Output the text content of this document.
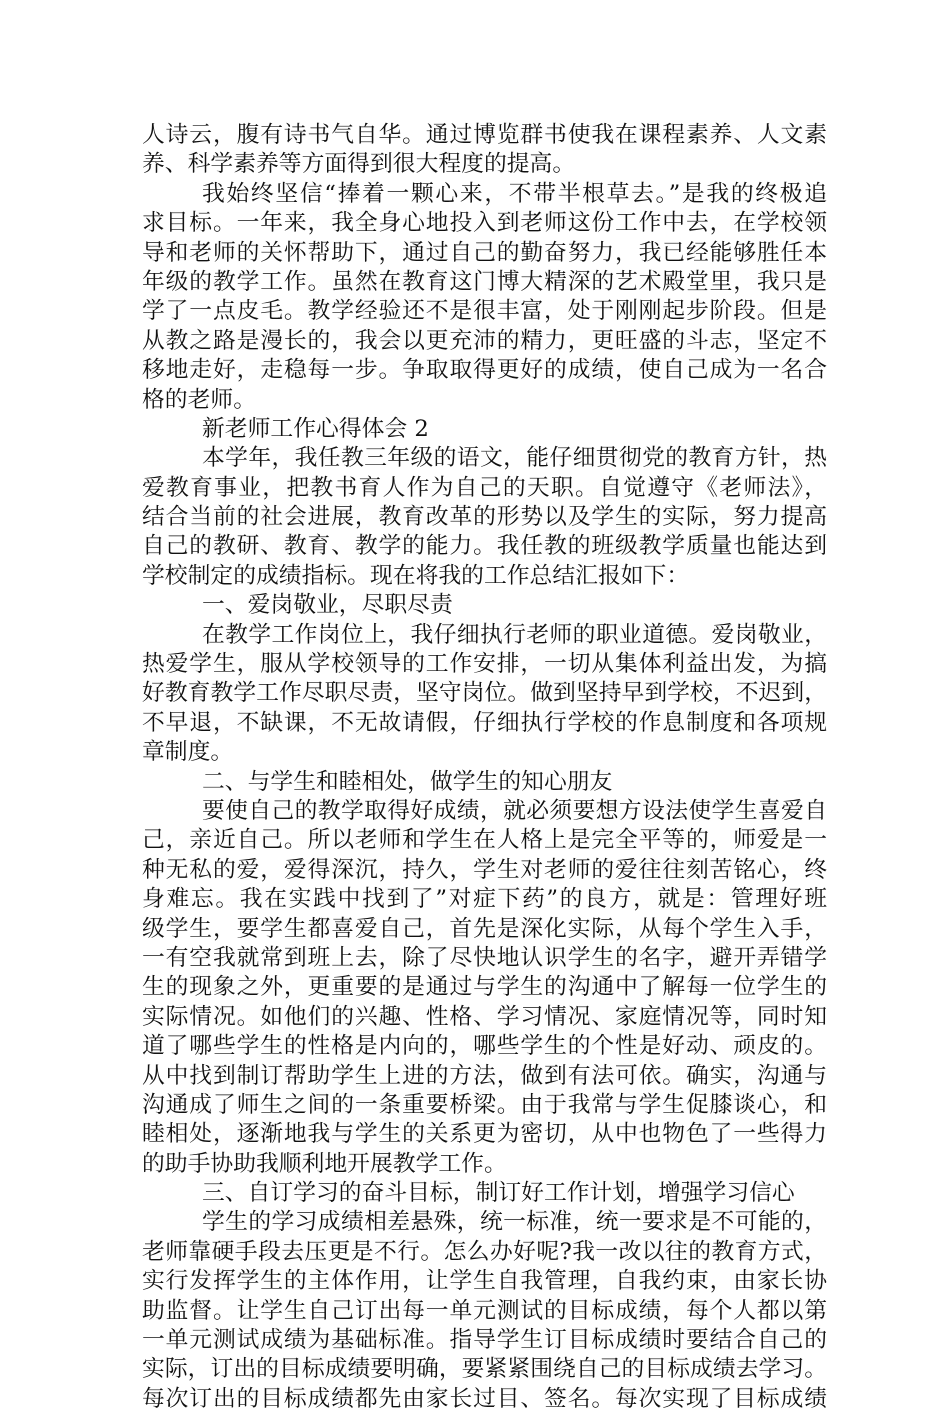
人诗云，腹有诗书气自华。通过博览群书使我在课程素养、人文素
养、科学素养等方面得到很大程度的提高。
我始终坚信“捧着一颗心来，不带半根草去。”是我的终极追
求目标。一年来，我全身心地投入到老师这份工作中去，在学校领
导和老师的关怀帮助下，通过自己的勤奋努力，我已经能够胜任本
年级的教学工作。虽然在教育这门博大精深的艺术殿堂里，我只是
学了一点皮毛。教学经验还不是很丰富，处于刚刚起步阶段。但是
从教之路是漫长的，我会以更充沛的精力，更旺盛的斗志，坚定不
移地走好，走稳每一步。争取取得更好的成绩，使自己成为一名合
格的老师。
新老师工作心得体会 2
本学年，我任教三年级的语文，能仔细贯彻党的教育方针，热
爱教育事业，把教书育人作为自己的天职。自觉遵守《老师法》，
结合当前的社会进展，教育改革的形势以及学生的实际，努力提高
自己的教研、教育、教学的能力。我任教的班级教学质量也能达到
学校制定的成绩指标。现在将我的工作总结汇报如下：
一、爱岗敬业，尽职尽责
在教学工作岗位上，我仔细执行老师的职业道德。爱岗敬业，
热爱学生，服从学校领导的工作安排，一切从集体利益出发，为搞
好教育教学工作尽职尽责，坚守岗位。做到坚持早到学校，不迟到，
不早退，不缺课，不无故请假，仔细执行学校的作息制度和各项规
章制度。
二、与学生和睦相处，做学生的知心朋友
要使自己的教学取得好成绩，就必须要想方设法使学生喜爱自
己，亲近自己。所以老师和学生在人格上是完全平等的，师爱是一
种无私的爱，爱得深沉，持久，学生对老师的爱往往刻苦铭心，终
身难忘。我在实践中找到了”对症下药”的良方，就是：管理好班
级学生，要学生都喜爱自己，首先是深化实际，从每个学生入手，
一有空我就常到班上去，除了尽快地认识学生的名字，避开弄错学
生的现象之外，更重要的是通过与学生的沟通中了解每一位学生的
实际情况。如他们的兴趣、性格、学习情况、家庭情况等，同时知
道了哪些学生的性格是内向的，哪些学生的个性是好动、顽皮的。
从中找到制订帮助学生上进的方法，做到有法可依。确实，沟通与
沟通成了师生之间的一条重要桥梁。由于我常与学生促膝谈心，和
睦相处，逐渐地我与学生的关系更为密切，从中也物色了一些得力
的助手协助我顺利地开展教学工作。
三、自订学习的奋斗目标，制订好工作计划，增强学习信心
学生的学习成绩相差悬殊，统一标准，统一要求是不可能的，
老师靠硬手段去压更是不行。怎么办好呢?我一改以往的教育方式，
实行发挥学生的主体作用，让学生自我管理，自我约束，由家长协
助监督。让学生自己订出每一单元测试的目标成绩，每个人都以第
一单元测试成绩为基础标准。指导学生订目标成绩时要结合自己的
实际，订出的目标成绩要明确，要紧紧围绕自己的目标成绩去学习。
每次订出的目标成绩都先由家长过目、签名。每次实现了目标成绩
